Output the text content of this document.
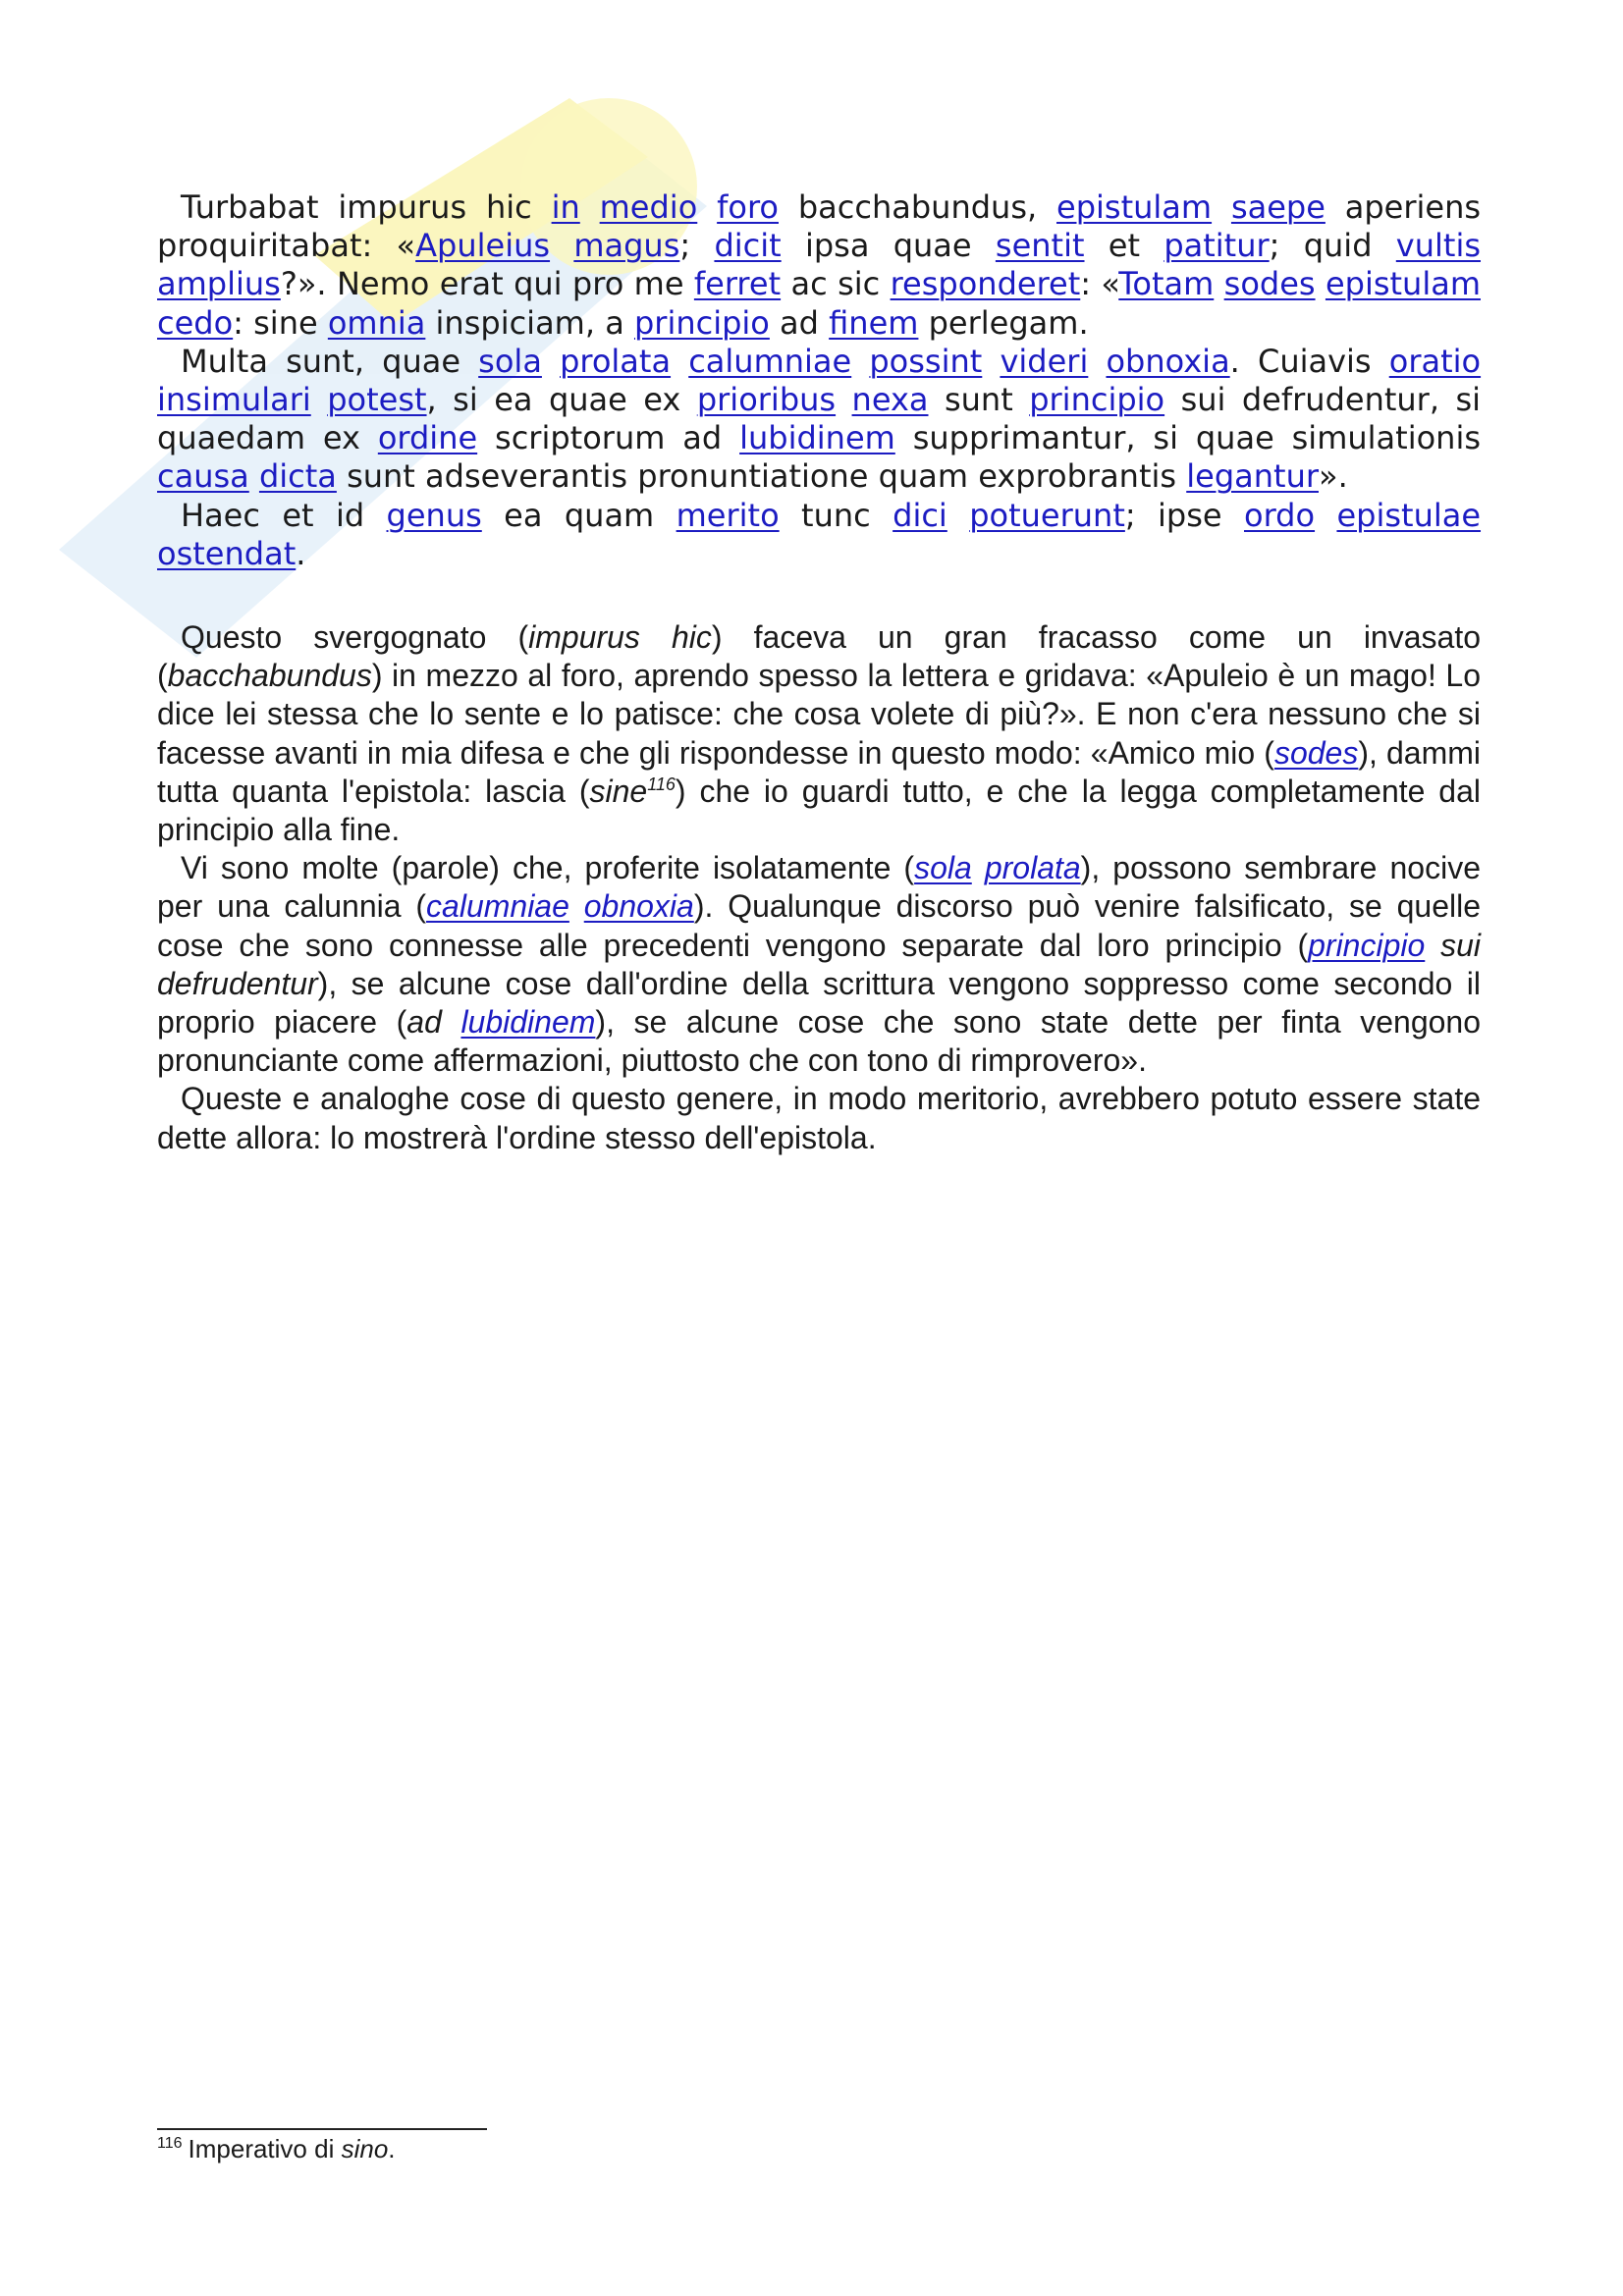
Turbabat impurus hic in medio foro bacchabundus, epistulam saepe aperiens proquiritabat: «Apuleius magus; dicit ipsa quae sentit et patitur; quid vultis amplius?». Nemo erat qui pro me ferret ac sic responderet: «Totam sodes epistulam cedo: sine omnia inspiciam, a principio ad finem perlegam.

Multa sunt, quae sola prolata calumniae possint videri obnoxia. Cuiavis oratio insimulari potest, si ea quae ex prioribus nexa sunt principio sui defrudentur, si quaedam ex ordine scriptorum ad lubidinem supprimantur, si quae simulationis causa dicta sunt adseverantis pronuntiatione quam exprobrantis legantur».

Haec et id genus ea quam merito tunc dici potuerunt; ipse ordo epistulae ostendat.

Questo svergognato (impurus hic) faceva un gran fracasso come un invasato (bacchabundus) in mezzo al foro, aprendo spesso la lettera e gridava: «Apuleio è un mago! Lo dice lei stessa che lo sente e lo patisce: che cosa volete di più?». E non c'era nessuno che si facesse avanti in mia difesa e che gli rispondesse in questo modo: «Amico mio (sodes), dammi tutta quanta l'epistola: lascia (sine$^{116}$) che io guardi tutto, e che la legga completamente dal principio alla fine.

Vi sono molte (parole) che, proferite isolatamente (sola prolata), possono sembrare nocive per una calunnia (calumniae obnoxia). Qualunque discorso può venire falsificato, se quelle cose che sono connesse alle precedenti vengono separate dal loro principio (principio sui defrudentur), se alcune cose dall'ordine della scrittura vengono soppresso come secondo il proprio piacere (ad lubidinem), se alcune cose che sono state dette per finta vengono pronunciante come affermazioni, piuttosto che con tono di rimprovero».

Queste e analoghe cose di questo genere, in modo meritorio, avrebbero potuto essere state dette allora: lo mostrerà l'ordine stesso dell'epistola.

$^{116}$ Imperativo di sino.
